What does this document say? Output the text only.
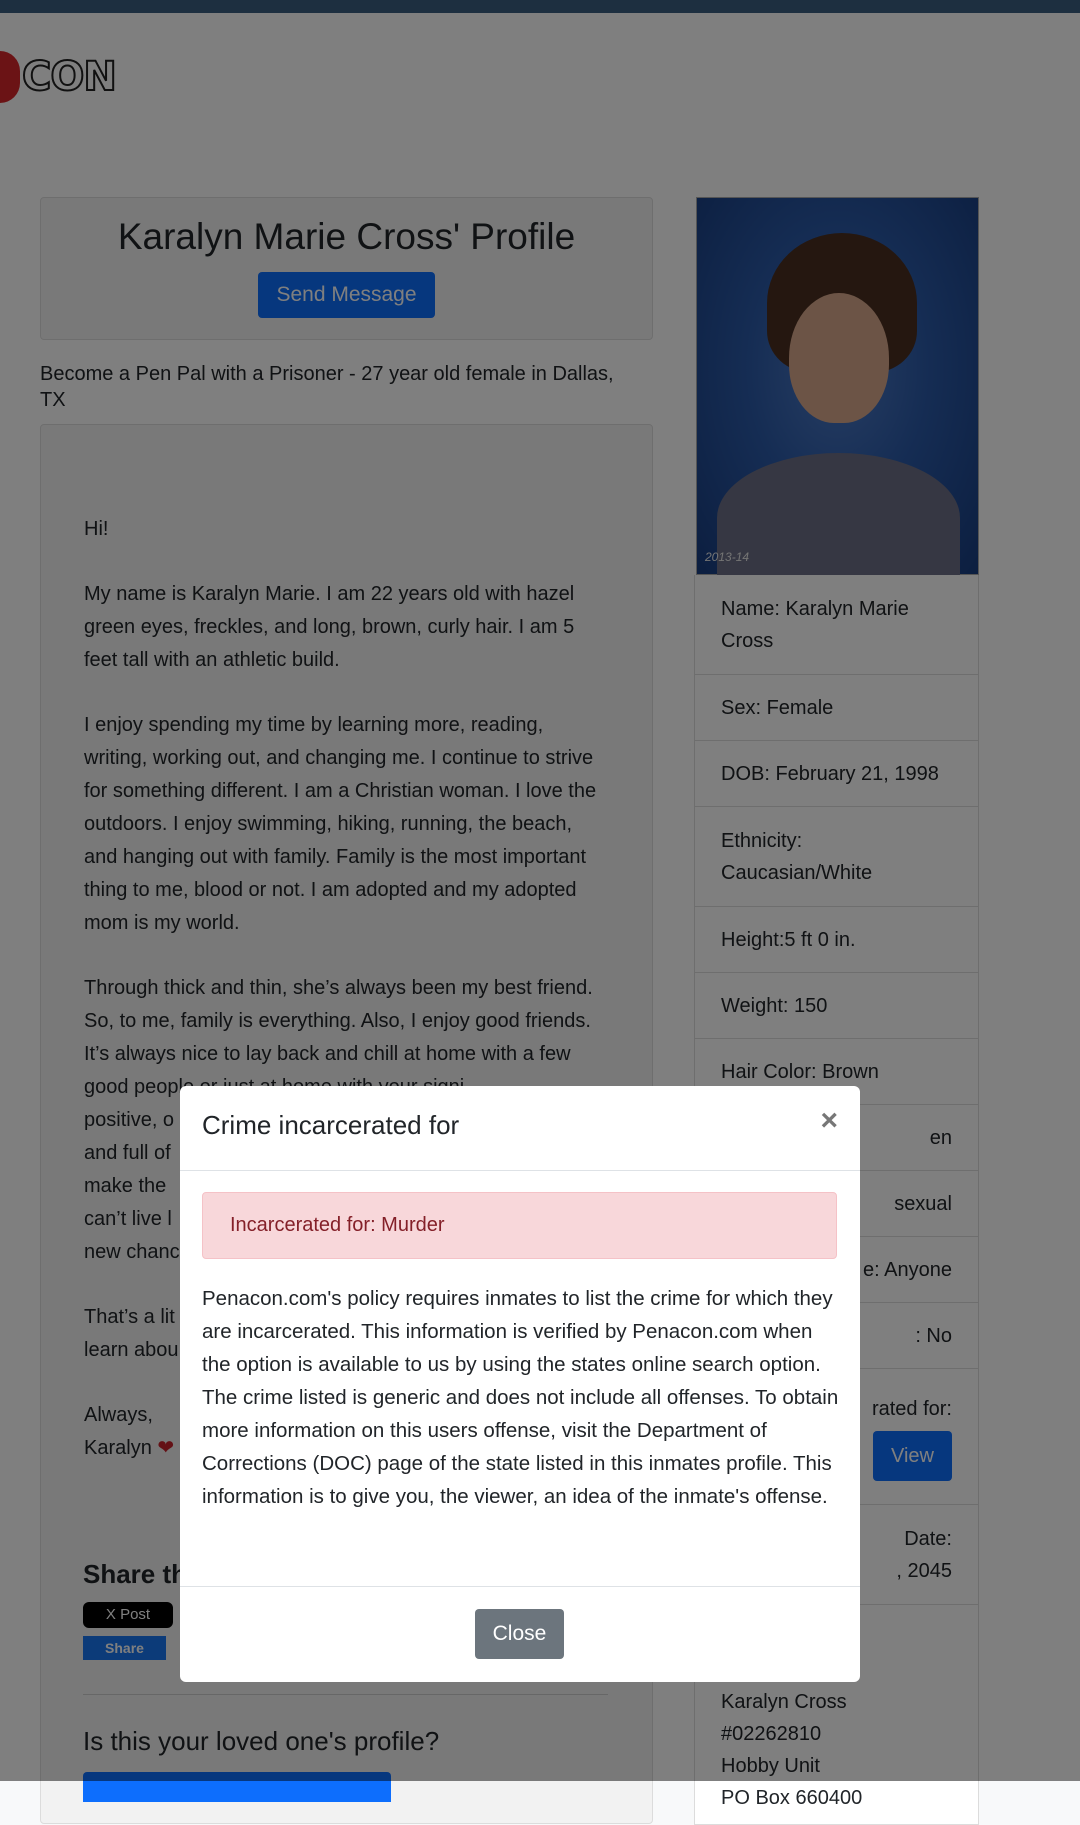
PO Box 660400
Crime incarcerated for	×
Incarcerated for: Murder
Penacon.com's policy requires inmates to list the crime for which they are incarcerated. This information is verified by Penacon.com when the option is available to us by using the states online search option. The crime listed is generic and does not include all offenses. To obtain more information on this users offense, visit the Department of Corrections (DOC) page of the state listed in this inmates profile. This information is to give you, the viewer, an idea of the inmate's offense.
Close
